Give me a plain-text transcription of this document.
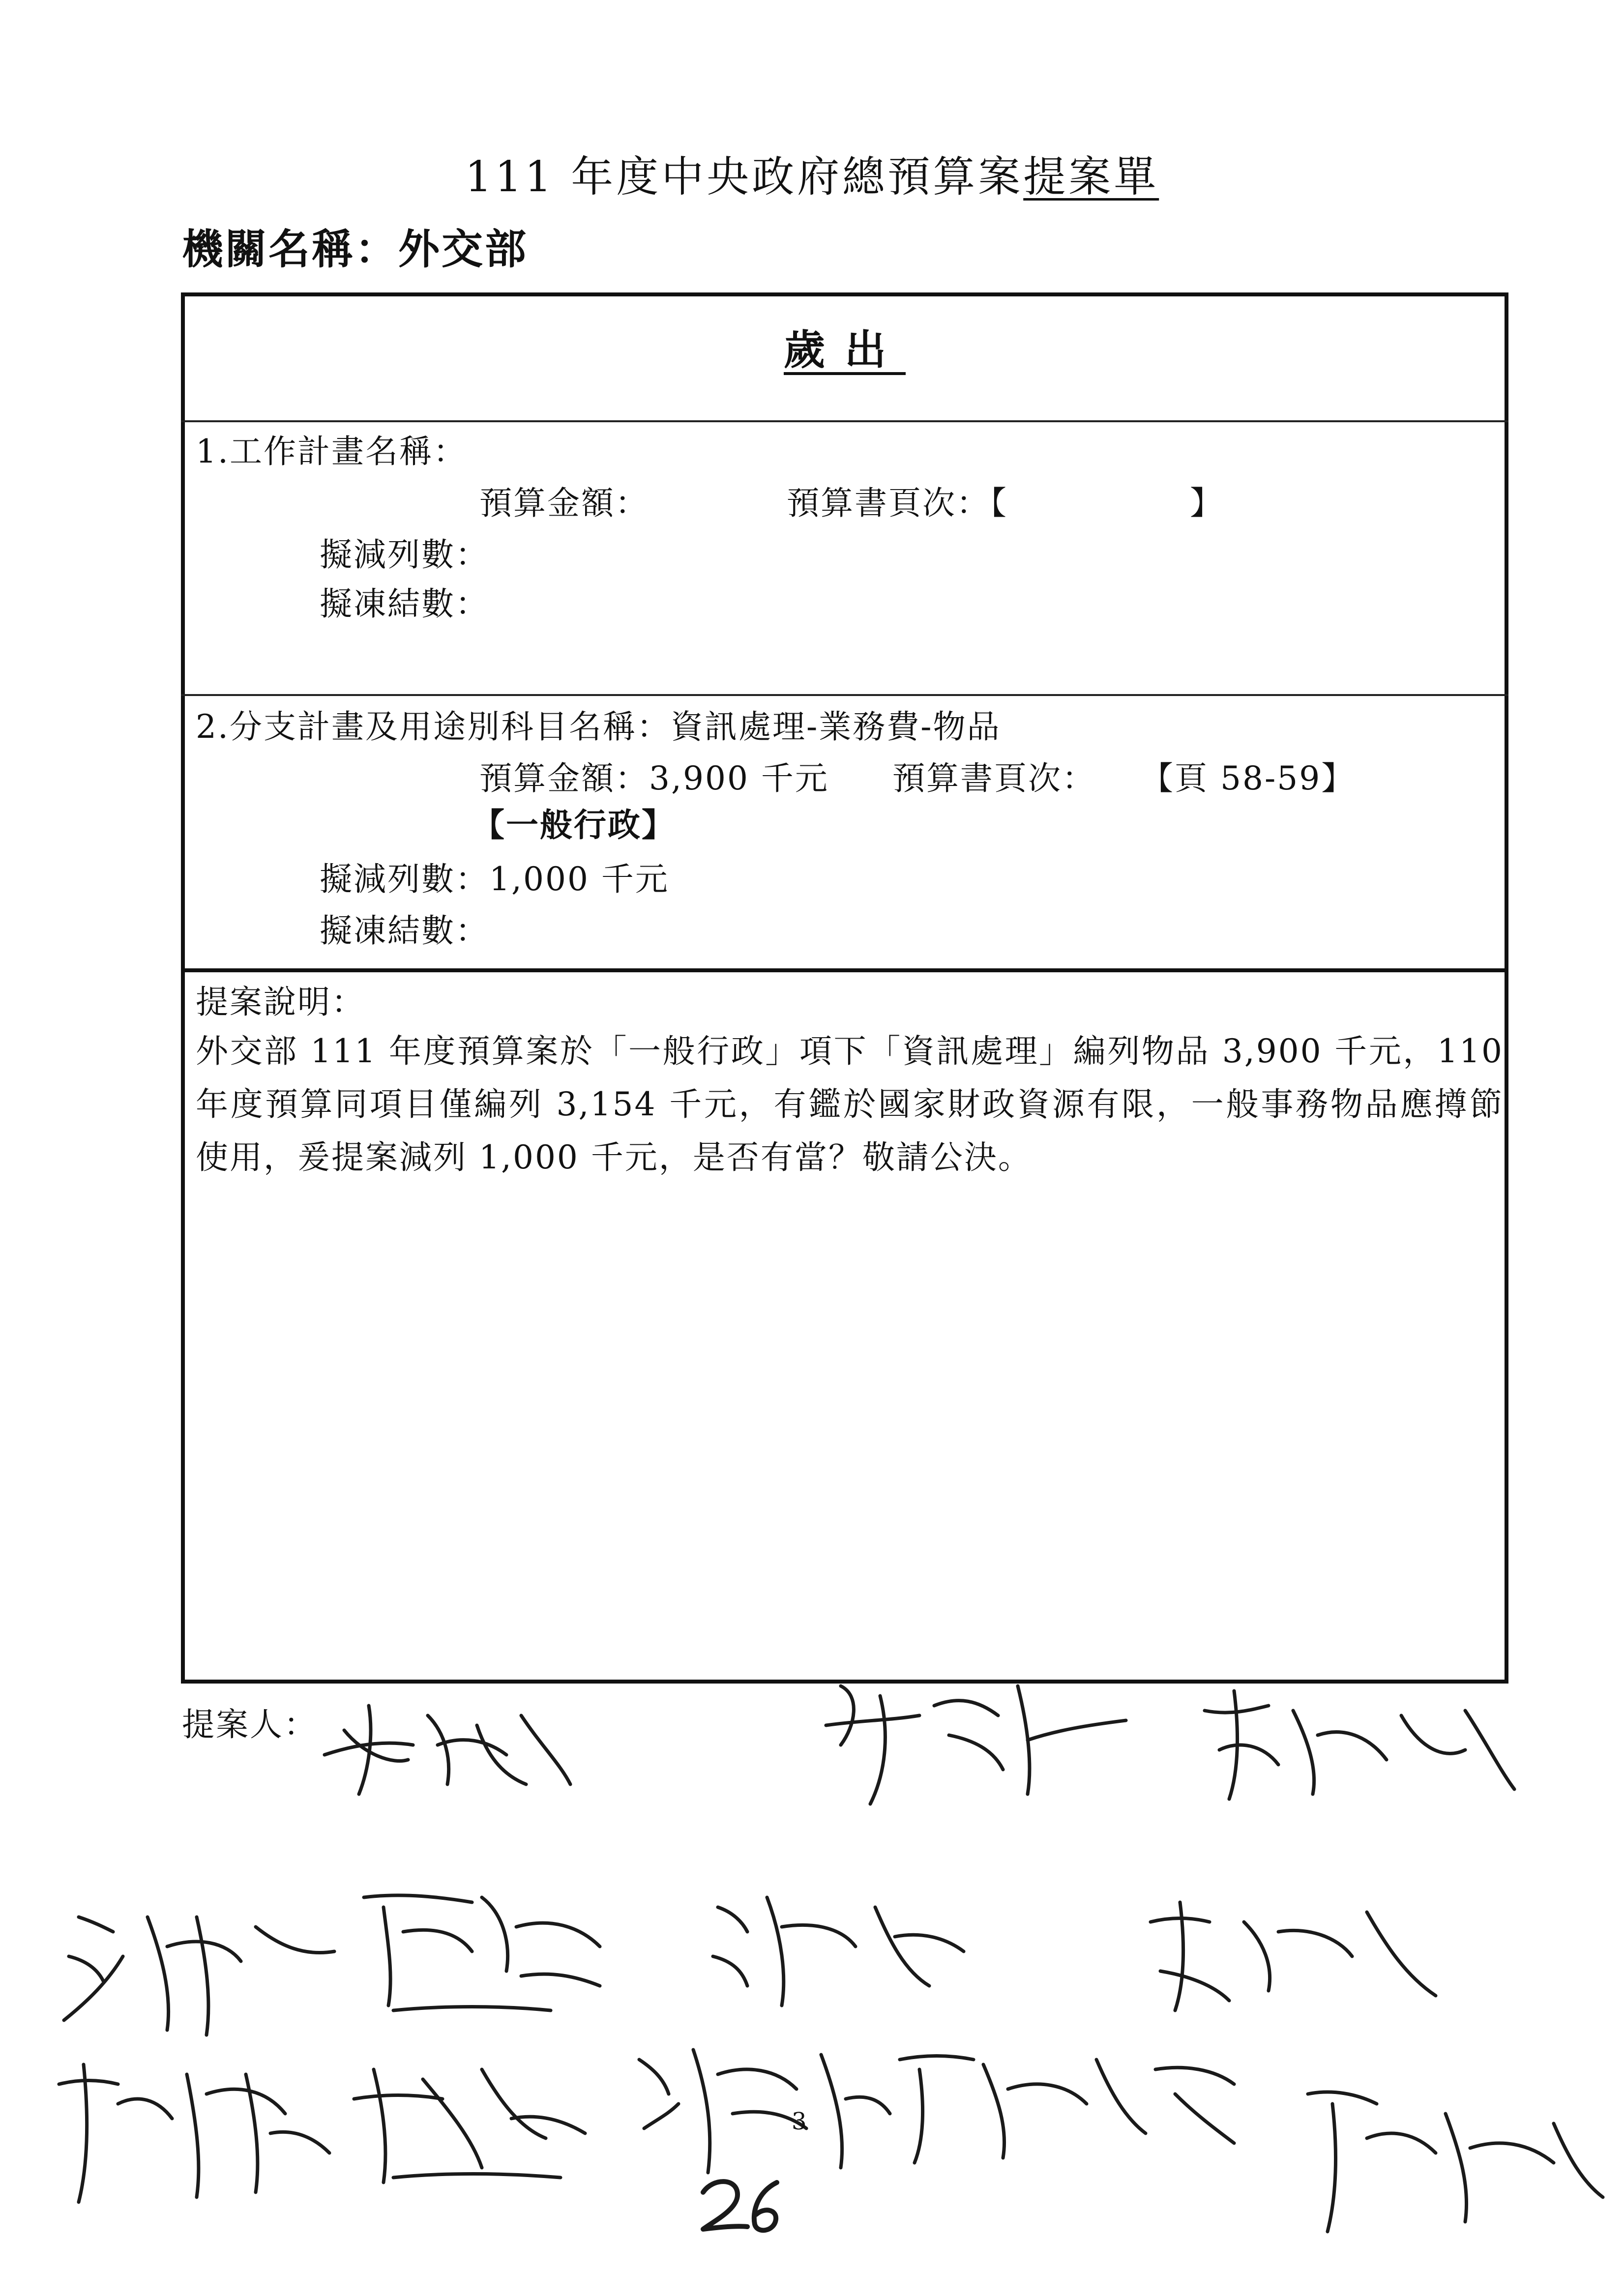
111 年度中央政府總預算案提案單
機關名稱：外交部
歲出
1.工作計畫名稱：
預算金額：	預算書頁次：【	】
擬減列數：
擬凍結數：
2.分支計畫及用途別科目名稱：資訊處理-業務費-物品
預算金額：3,900 千元 預算書頁次： 【頁 58-59】
【一般行政】
擬減列數：1,000 千元
擬凍結數：
提案說明：
外交部 111 年度預算案於「一般行政」項下「資訊處理」編列物品 3,900 千元，110 年度預算同項目僅編列 3,154 千元，有鑑於國家財政資源有限，一般事務物品應撙節使用，爰提案減列 1,000 千元，是否有當？敬請公決。
提案人：
3
